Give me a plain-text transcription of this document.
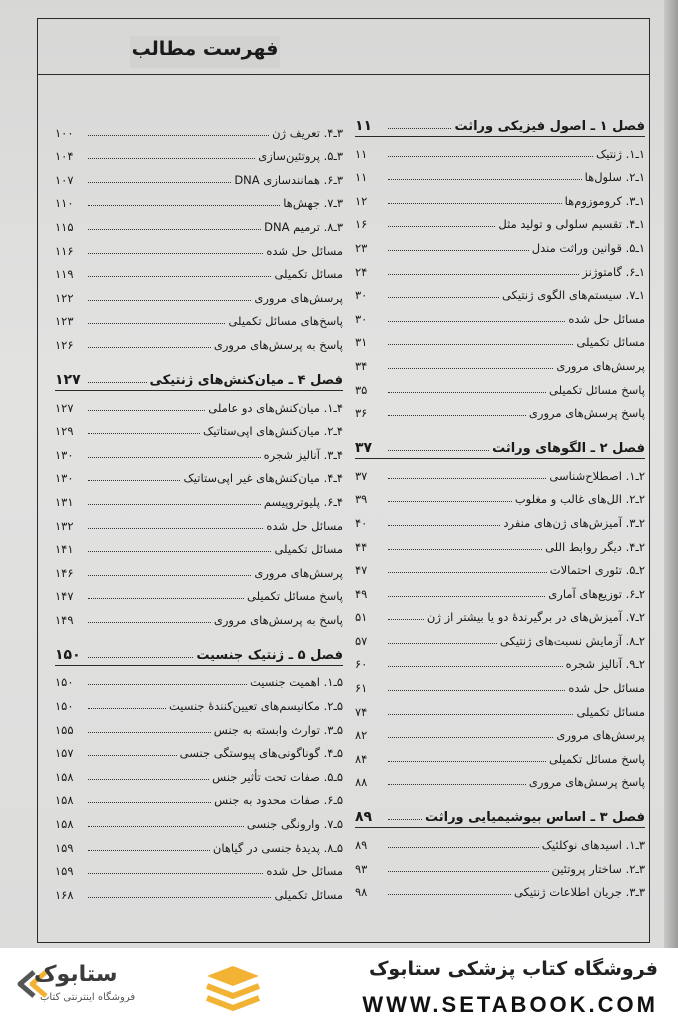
فهرست مطالب
فصل ۱ ـ اصول فیزیکی وراثت
۱۱
۱ـ۱. ژنتیک
۱۱
۱ـ۲. سلول‌ها
۱۱
۱ـ۳. کروموزوم‌ها
۱۲
۱ـ۴. تقسیم سلولی و تولید مثل
۱۶
۱ـ۵. قوانین وراثت مندل
۲۳
۱ـ۶. گامتوژنز
۲۴
۱ـ۷. سیستم‌های الگوی ژنتیکی
۳۰
مسائل حل شده
۳۰
مسائل تکمیلی
۳۱
پرسش‌های مروری
۳۴
پاسخ مسائل تکمیلی
۳۵
پاسخ پرسش‌های مروری
۳۶
فصل ۲ ـ الگوهای وراثت
۳۷
۲ـ۱. اصطلاح‌شناسی
۳۷
۲ـ۲. الل‌های غالب و مغلوب
۳۹
۲ـ۳. آمیزش‌های ژن‌های منفرد
۴۰
۲ـ۴. دیگر روابط اللی
۴۴
۲ـ۵. تئوری احتمالات
۴۷
۲ـ۶. توزیع‌های آماری
۴۹
۲ـ۷. آمیزش‌های در برگیرندهٔ دو یا بیشتر از ژن
۵۱
۲ـ۸. آزمایش نسبت‌های ژنتیکی
۵۷
۲ـ۹. آنالیز شجره
۶۰
مسائل حل شده
۶۱
مسائل تکمیلی
۷۴
پرسش‌های مروری
۸۲
پاسخ مسائل تکمیلی
۸۴
پاسخ پرسش‌های مروری
۸۸
فصل ۳ ـ اساس بیوشیمیایی وراثت
۸۹
۳ـ۱. اسیدهای نوکلئیک
۸۹
۳ـ۲. ساختار پروتئین
۹۳
۳ـ۳. جریان اطلاعات ژنتیکی
۹۸
۳ـ۴. تعریف ژن
۱۰۰
۳ـ۵. پروتئین‌سازی
۱۰۴
۳ـ۶. همانندسازی DNA
۱۰۷
۳ـ۷. جهش‌ها
۱۱۰
۳ـ۸. ترمیم DNA
۱۱۵
مسائل حل شده
۱۱۶
مسائل تکمیلی
۱۱۹
پرسش‌های مروری
۱۲۲
پاسخ‌های مسائل تکمیلی
۱۲۳
پاسخ به پرسش‌های مروری
۱۲۶
فصل ۴ ـ میان‌کنش‌های ژنتیکی
۱۲۷
۴ـ۱. میان‌کنش‌های دو عاملی
۱۲۷
۴ـ۲. میان‌کنش‌های اپی‌ستاتیک
۱۲۹
۴ـ۳. آنالیز شجره
۱۳۰
۴ـ۴. میان‌کنش‌های غیر اپی‌ستاتیک
۱۳۰
۴ـ۶. پلیوتروپیسم
۱۳۱
مسائل حل شده
۱۳۲
مسائل تکمیلی
۱۴۱
پرسش‌های مروری
۱۴۶
پاسخ مسائل تکمیلی
۱۴۷
پاسخ به پرسش‌های مروری
۱۴۹
فصل ۵ ـ ژنتیک جنسیت
۱۵۰
۵ـ۱. اهمیت جنسیت
۱۵۰
۵ـ۲. مکانیسم‌های تعیین‌کنندهٔ جنسیت
۱۵۰
۵ـ۳. توارث وابسته به جنس
۱۵۵
۵ـ۴. گوناگونی‌های پیوستگی جنسی
۱۵۷
۵ـ۵. صفات تحت تأثیر جنس
۱۵۸
۵ـ۶. صفات محدود به جنس
۱۵۸
۵ـ۷. وارونگی جنسی
۱۵۸
۵ـ۸. پدیدهٔ جنسی در گیاهان
۱۵۹
مسائل حل شده
۱۵۹
مسائل تکمیلی
۱۶۸
ستابوک
فروشگاه اینترنتی کتاب
فروشگاه کتاب پزشکی ستابوک
WWW.SETABOOK.COM
